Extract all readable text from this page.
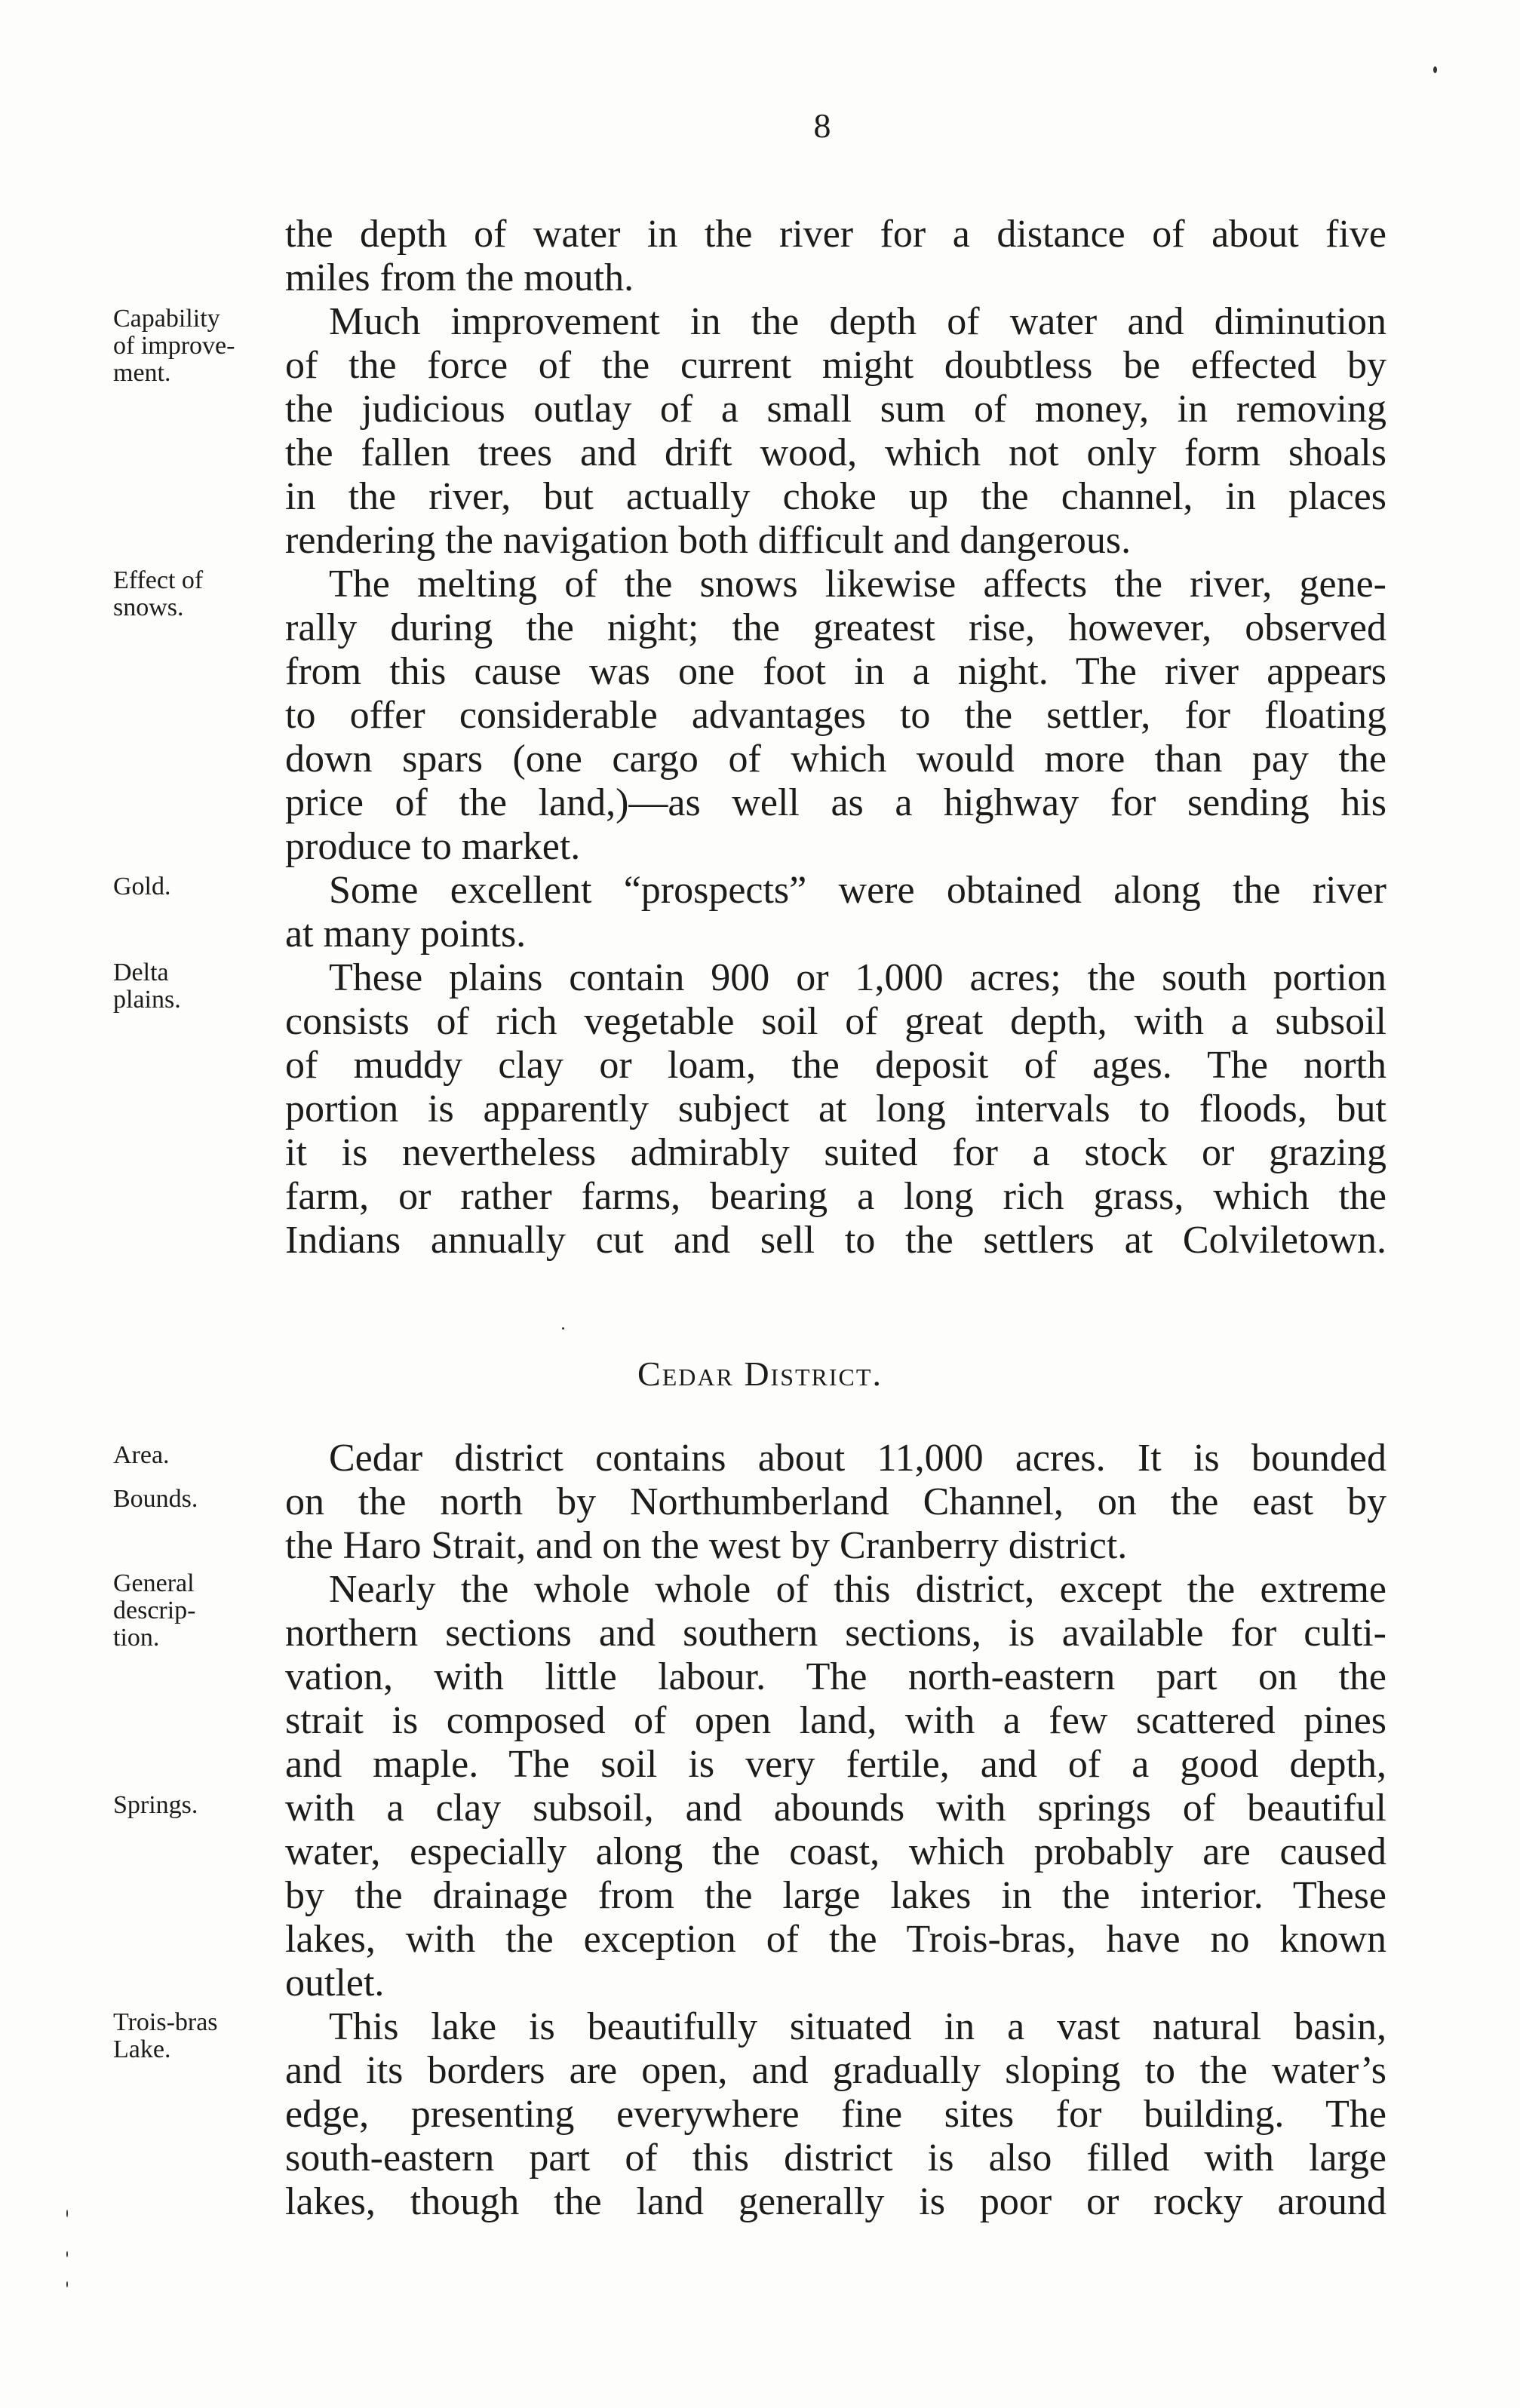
8
the depth of water in the river for a distance of about five
miles from the mouth.
Much improvement in the depth of water and diminution
of the force of the current might doubtless be effected by
the judicious outlay of a small sum of money, in removing
the fallen trees and drift wood, which not only form shoals
in the river, but actually choke up the channel, in places
rendering the navigation both difficult and dangerous.
The melting of the snows likewise affects the river, gene-
rally during the night; the greatest rise, however, observed
from this cause was one foot in a night. The river appears
to offer considerable advantages to the settler, for floating
down spars (one cargo of which would more than pay the
price of the land,)—as well as a highway for sending his
produce to market.
Some excellent “prospects” were obtained along the river
at many points.
These plains contain 900 or 1,000 acres; the south portion
consists of rich vegetable soil of great depth, with a subsoil
of muddy clay or loam, the deposit of ages. The north
portion is apparently subject at long intervals to floods, but
it is nevertheless admirably suited for a stock or grazing
farm, or rather farms, bearing a long rich grass, which the
Indians annually cut and sell to the settlers at Colviletown.
Cedar District.
Cedar district contains about 11,000 acres. It is bounded
on the north by Northumberland Channel, on the east by
the Haro Strait, and on the west by Cranberry district.
Nearly the whole whole of this district, except the extreme
northern sections and southern sections, is available for culti-
vation, with little labour. The north-eastern part on the
strait is composed of open land, with a few scattered pines
and maple. The soil is very fertile, and of a good depth,
with a clay subsoil, and abounds with springs of beautiful
water, especially along the coast, which probably are caused
by the drainage from the large lakes in the interior. These
lakes, with the exception of the Trois-bras, have no known
outlet.
This lake is beautifully situated in a vast natural basin,
and its borders are open, and gradually sloping to the water’s
edge, presenting everywhere fine sites for building. The
south-eastern part of this district is also filled with large
lakes, though the land generally is poor or rocky around
Capability
of improve-
ment.
Effect of
snows.
Gold.
Delta
plains.
Area.
Bounds.
General
descrip-
tion.
Springs.
Trois-bras
Lake.
